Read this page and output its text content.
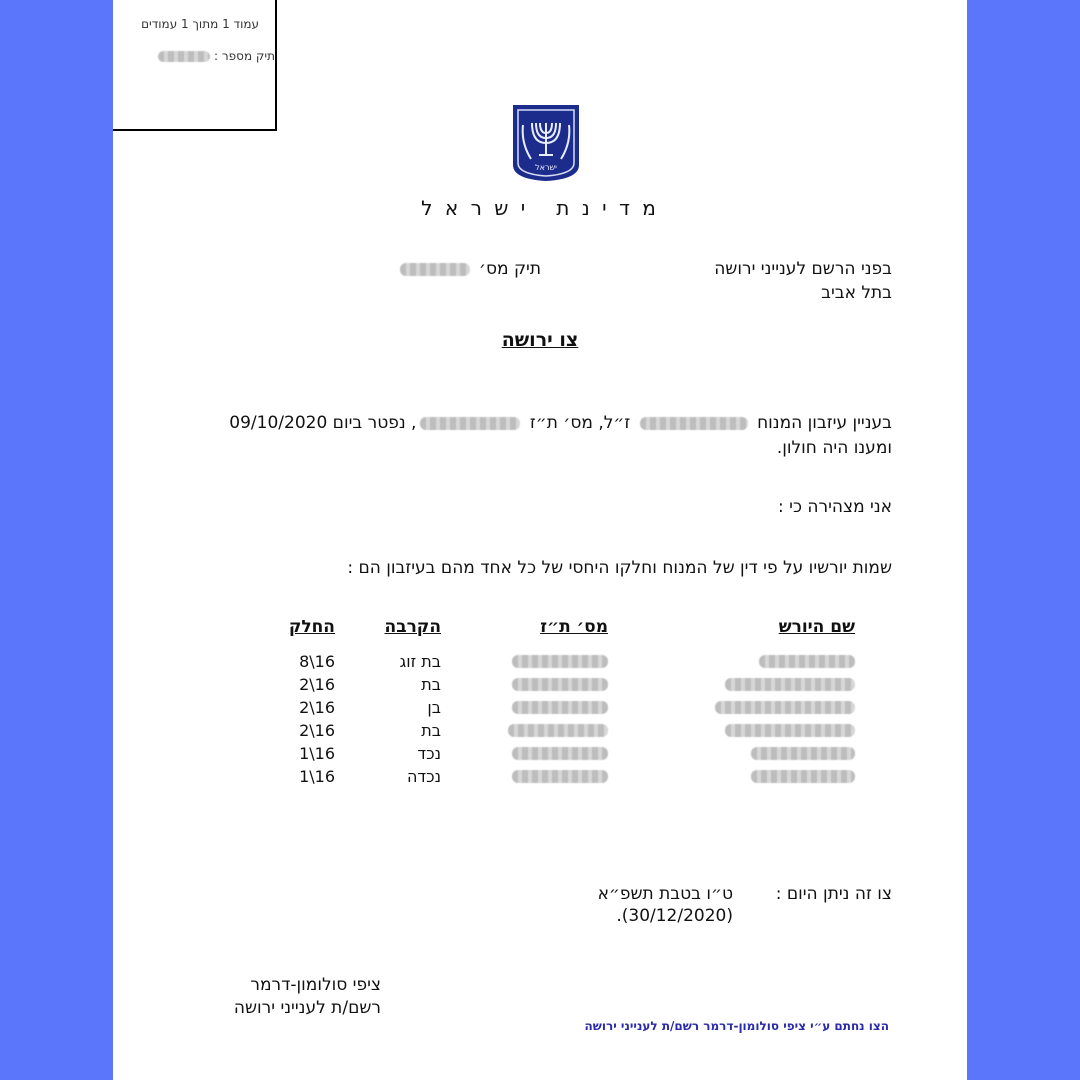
עמוד 1 מתוך 1 עמודים
תיק מספר :
ישראל
מ ד י נ ת   י ש ר א ל
בפני הרשם לענייני ירושה
בתל אביב
תיק מס׳
צו ירושה
בעניין עיזבון המנוח  ז״ל, מס׳ ת״ז , נפטר ביום 09/10/2020
ומענו היה חולון.
אני מצהירה כי :
שמות יורשיו על פי דין של המנוח וחלקו היחסי של כל אחד מהם בעיזבון הם :
שם היורש
מס׳ ת״ז
הקרבה
החלק
בת זוג
8\16
בת
2\16
בן
2\16
בת
2\16
נכד
1\16
נכדה
1\16
צו זה ניתן היום :
ט״ו בטבת תשפ״א
.(30/12/2020)
ציפי סולומון-דרמר
רשם/ת לענייני ירושה
הצו נחתם ע״י ציפי סולומון-דרמר רשם/ת לענייני ירושה
